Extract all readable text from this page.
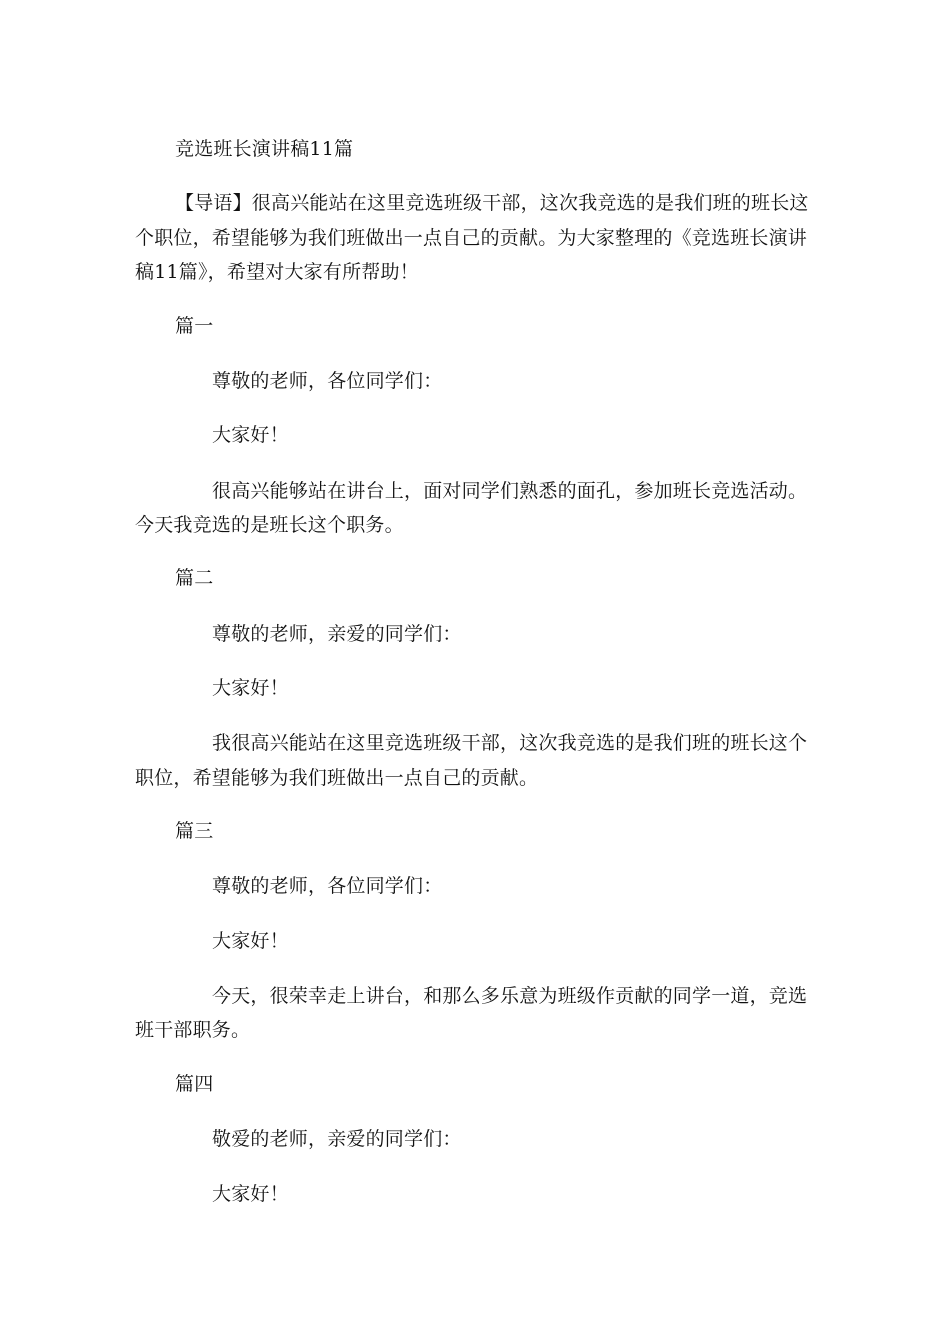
竞选班长演讲稿11篇

【导语】很高兴能站在这里竞选班级干部，这次我竞选的是我们班的班长这

个职位，希望能够为我们班做出一点自己的贡献。为大家整理的《竞选班长演讲

稿11篇》，希望对大家有所帮助！

篇一

尊敬的老师，各位同学们：

大家好！

很高兴能够站在讲台上，面对同学们熟悉的面孔，参加班长竞选活动。

今天我竞选的是班长这个职务。

篇二

尊敬的老师，亲爱的同学们：

大家好！

我很高兴能站在这里竞选班级干部，这次我竞选的是我们班的班长这个

职位，希望能够为我们班做出一点自己的贡献。

篇三

尊敬的老师，各位同学们：

大家好！

今天，很荣幸走上讲台，和那么多乐意为班级作贡献的同学一道，竞选

班干部职务。

篇四

敬爱的老师，亲爱的同学们：

大家好！
